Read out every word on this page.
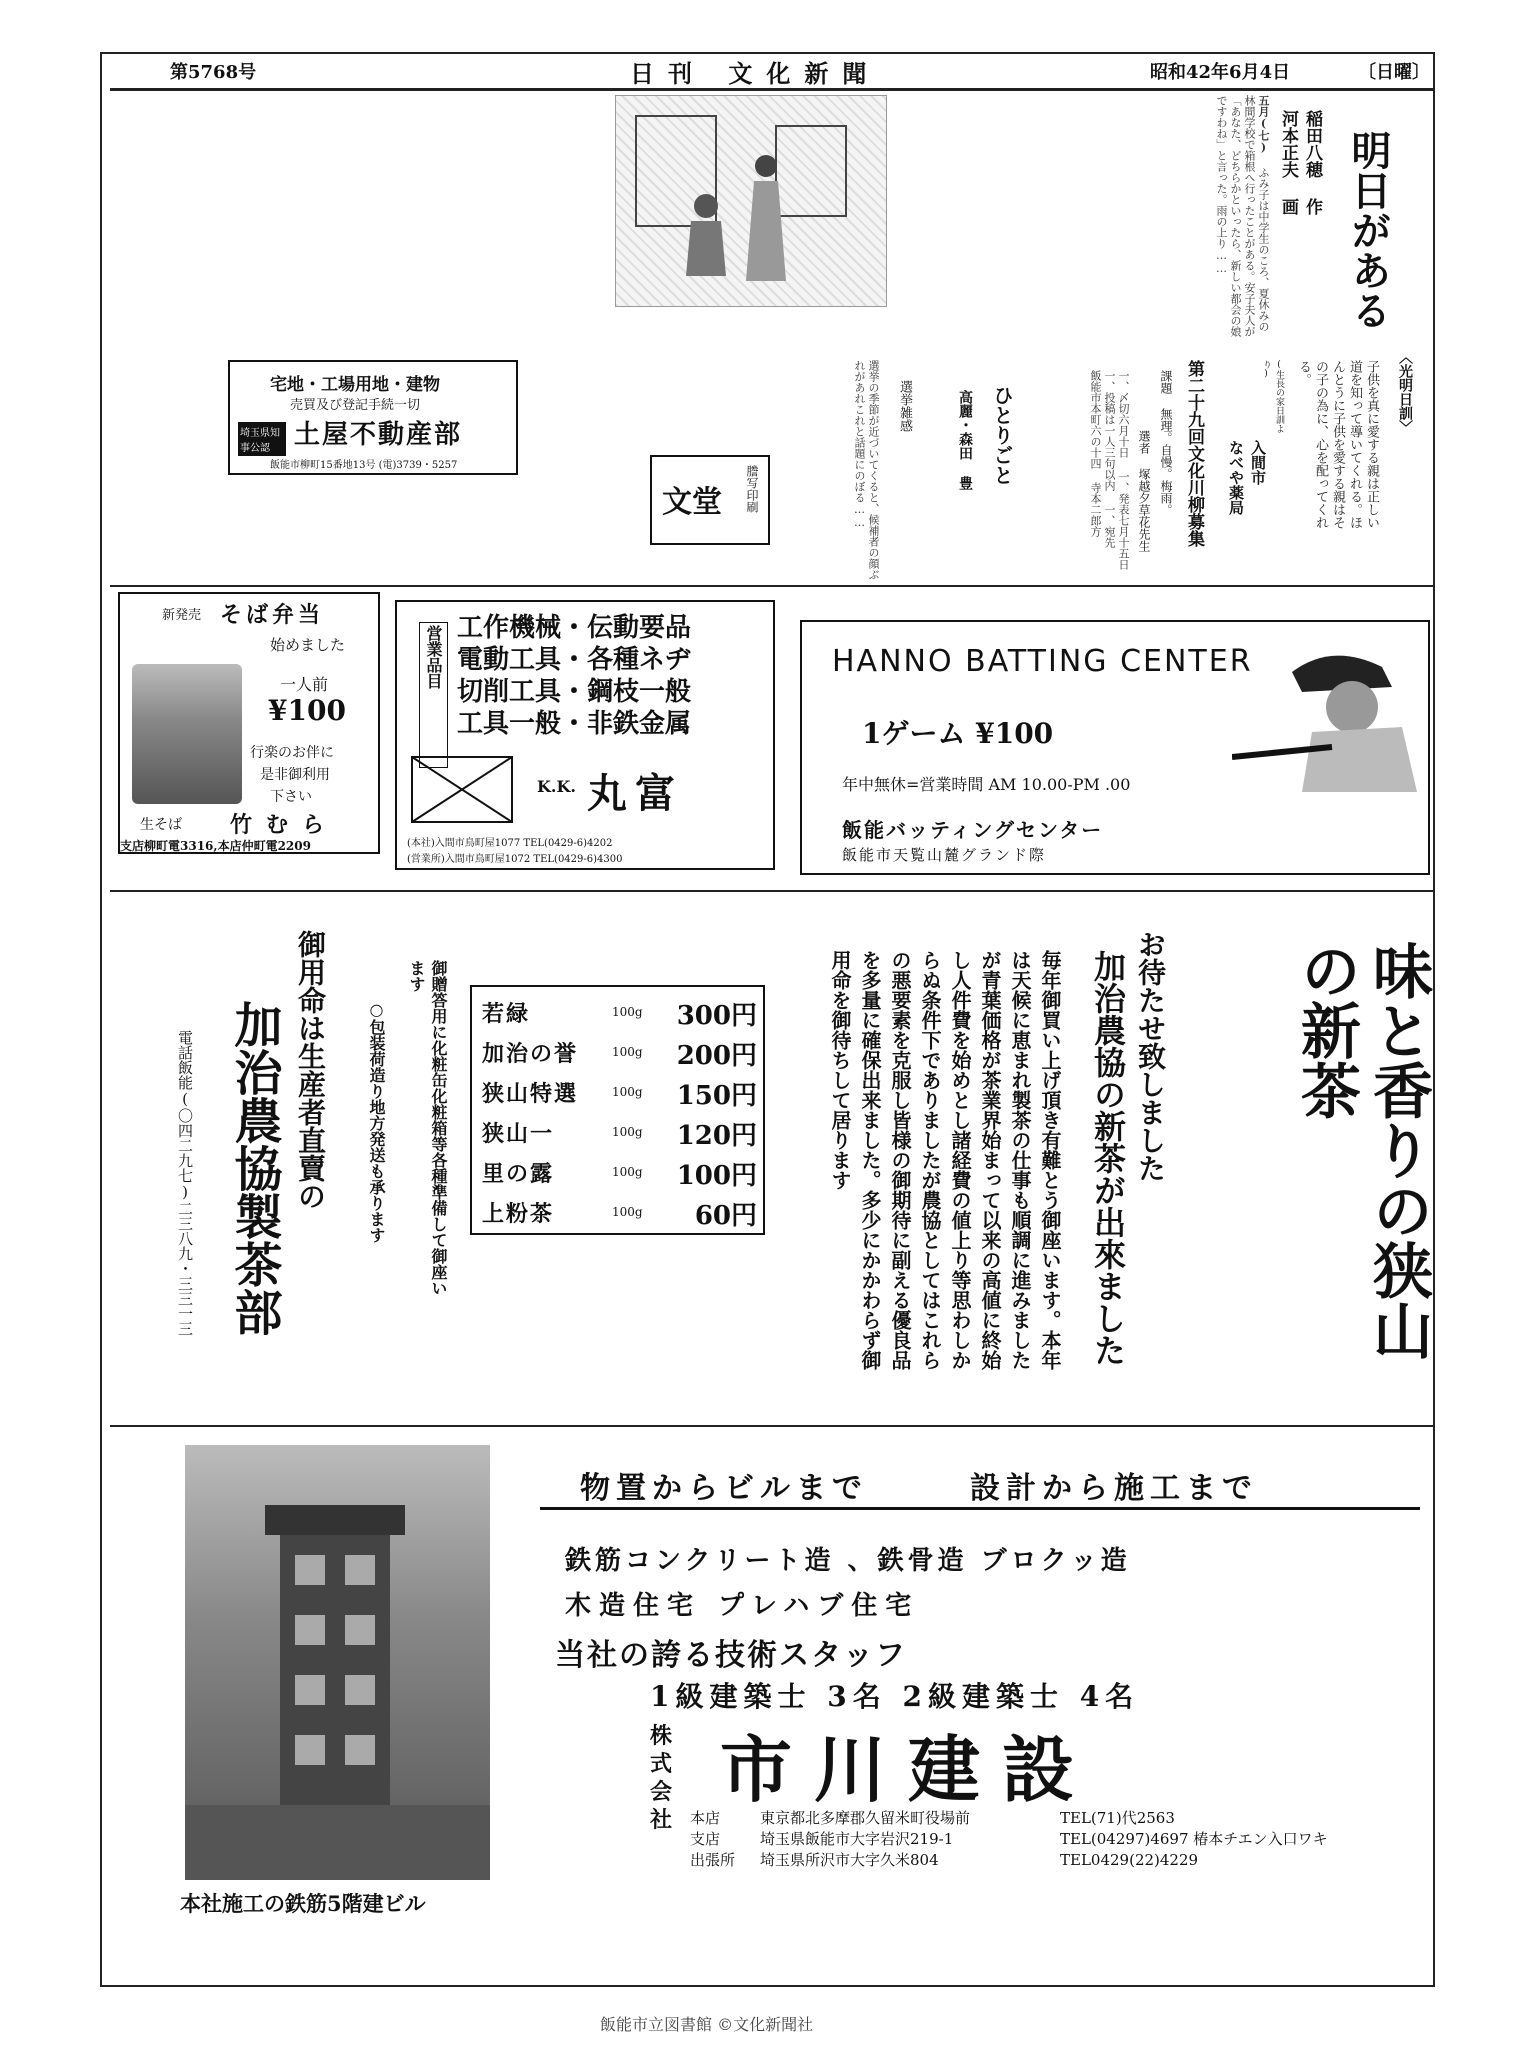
第5768号	日刊 文化新聞	昭和42年6月4日	〔日曜〕
明日がある
稲田八穂 作
河本正夫 画
五月(七) ふみ子は中学生のころ、夏休みの林間学校で箱根へ行ったことがある。安子夫人が「あなた、どちらかといったら、新しい都会の娘ですわね」と言った。雨の上り……
〈光明日訓〉
子供を真に愛する親は正しい道を知って導いてくれる。ほんとうに子供を愛する親はその子の為に、心を配ってくれる。
入間市
なべや薬局
(生長の家日訓より)
第二十九回文化川柳募集
課題 無理。自慢。梅雨。
選者 塚越夕草花先生
一、〆切六月十日 一、発表七月十五日 一、投稿は一人三句以内 一、宛先 飯能市本町六の十四 寺本二郎方
ひとりごと
高麗・森田 豊
選挙雑感
選挙の季節が近づいてくると、候補者の顔ぶれがあれこれと話題にのぼる……
文堂 謄写印刷
宅地・工場用地・建物
売買及び登記手続一切
埼玉県知事公認 土屋不動産部
飯能市柳町15番地13号 (電)3739・5257
新発売 そば弁当
始めました
一人前
¥100
行楽のお伴に
是非御利用
下さい
生そば 竹むら
支店柳町電3316,本店仲町電2209
営業品目 工作機械・伝動要品
電動工具・各種ネヂ
切削工具・鋼枝一般
工具一般・非鉄金属
K.K. 丸富
(本社)入間市鳥町屋1077 TEL(0429-6)4202
(営業所)入間市鳥町屋1072 TEL(0429-6)4300
HANNO BATTING CENTER
1ゲーム ¥100
年中無休=営業時間 AM 10.00-PM .00
飯能バッティングセンター
飯能市天覧山麓グランド際
味と香りの狭山の新茶
加治農協の新茶が出來ました お待たせ致しました
毎年御買い上げ頂き有難とう御座います。本年は天候に恵まれ製茶の仕事も順調に進みましたが青葉価格が茶業界始まって以来の高値に終始し人件費を始めとし諸経費の値上り等思わしからぬ条件下でありましたが農協としてはこれらの悪要素を克服し皆様の御期待に副える優良品を多量に確保出来ました。多少にかかわらず御用命を御待ちして居ります
若緑	100g 300円
加治の誉	100g 200円
狭山特選	100g 150円
狭山一	100g 120円
里の露	100g 100円
上粉茶	100g 60円
御贈答用に化粧缶化粧箱等各種準備して御座います
○包装荷造り地方発送も承ります
御用命は生産者直賣の
加治農協製茶部
電話飯能(〇四二九七)二三八九・三三一三
本社施工の鉄筋5階建ビル
物置からビルまで	設計から施工まで
鉄筋コンクリート造 、鉄骨造 ブロクッ造
木造住宅 プレハブ住宅
当社の誇る技術スタッフ
1級建築士 3名 2級建築士 4名
株式会社
市川建設
本店	東京都北多摩郡久留米町役場前	TEL(71)代2563
支店	埼玉県飯能市大字岩沢219-1	TEL(04297)4697 椿本チエン入口ワキ
出張所 埼玉県所沢市大字久米804	TEL0429(22)4229
飯能市立図書館 ©文化新聞社
